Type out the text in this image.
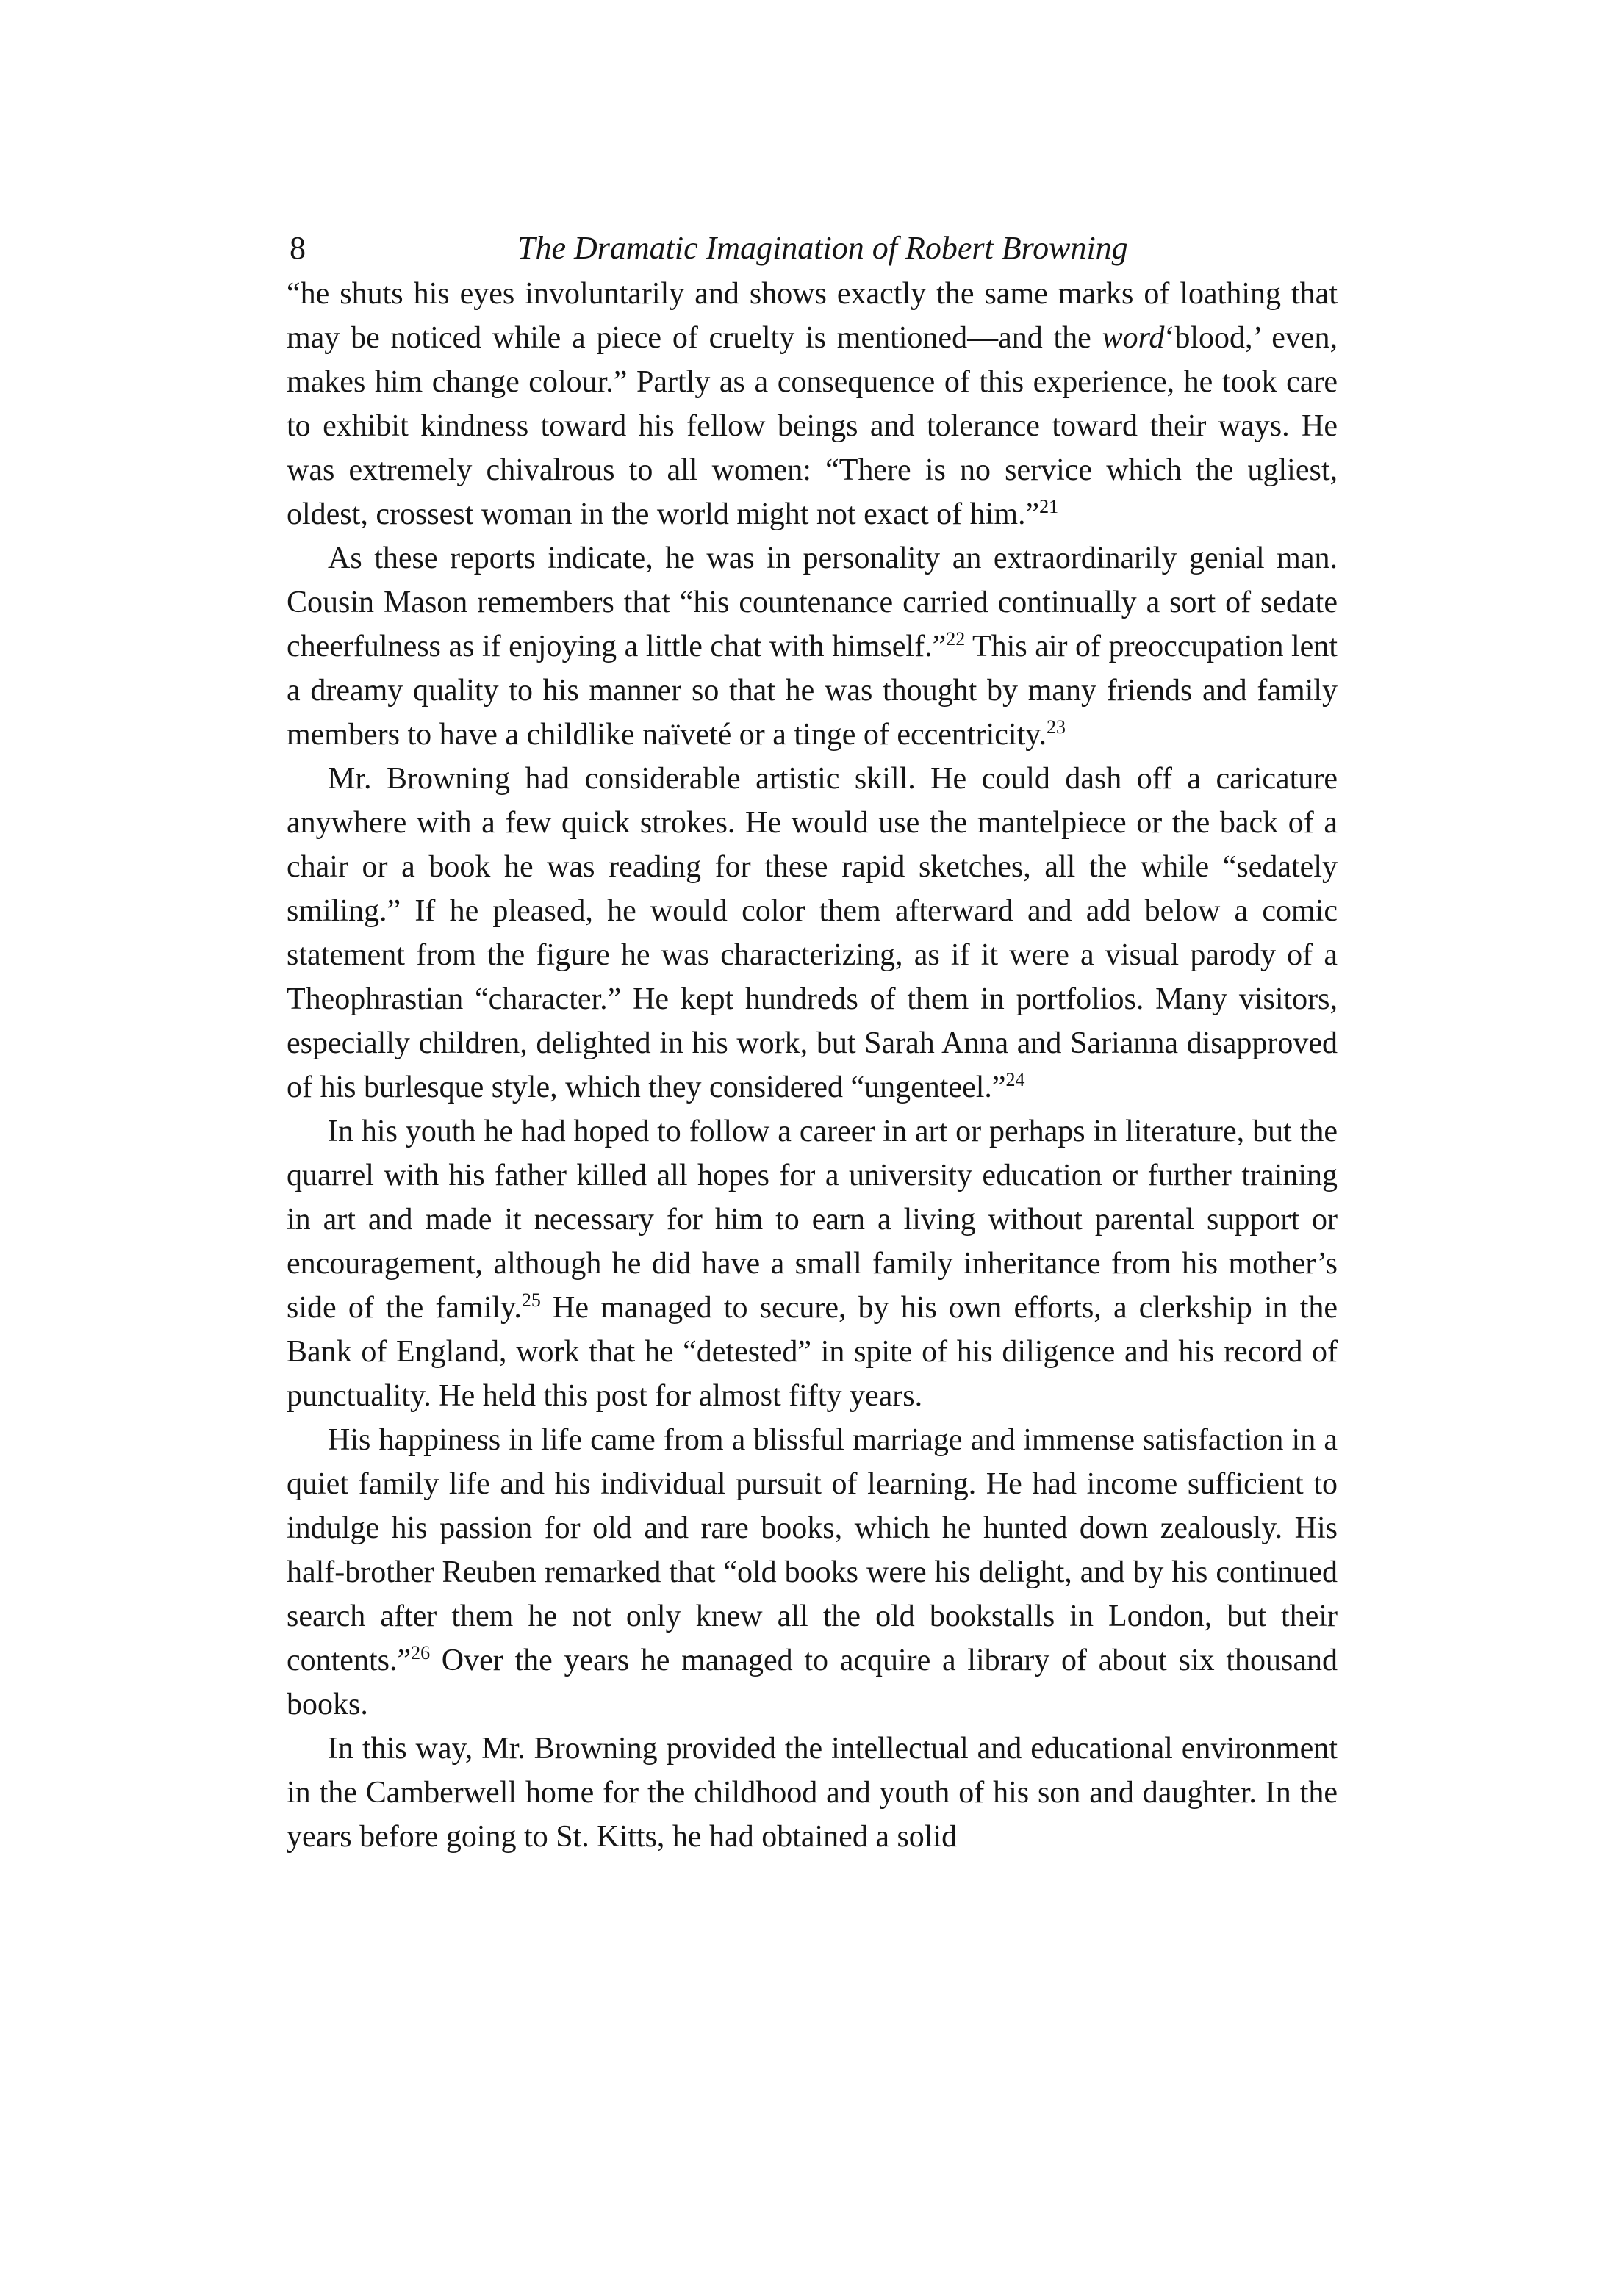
8	The Dramatic Imagination of Robert Browning

“he shuts his eyes involuntarily and shows exactly the same marks of loathing that may be noticed while a piece of cruelty is mentioned—and the word‘blood,’ even, makes him change colour.” Partly as a consequence of this experience, he took care to exhibit kindness toward his fellow beings and tolerance toward their ways. He was extremely chivalrous to all women: “There is no service which the ugliest, oldest, crossest woman in the world might not exact of him.”$^{21}$

As these reports indicate, he was in personality an extraordinarily genial man. Cousin Mason remembers that “his countenance carried continually a sort of sedate cheerfulness as if enjoying a little chat with himself.”$^{22}$ This air of preoccupation lent a dreamy quality to his manner so that he was thought by many friends and family members to have a childlike naïveté or a tinge of eccentricity.$^{23}$

Mr. Browning had considerable artistic skill. He could dash off a caricature anywhere with a few quick strokes. He would use the mantelpiece or the back of a chair or a book he was reading for these rapid sketches, all the while “sedately smiling.” If he pleased, he would color them afterward and add below a comic statement from the figure he was characterizing, as if it were a visual parody of a Theophrastian “character.” He kept hundreds of them in portfolios. Many visitors, especially children, delighted in his work, but Sarah Anna and Sarianna disapproved of his burlesque style, which they considered “ungenteel.”$^{24}$

In his youth he had hoped to follow a career in art or perhaps in literature, but the quarrel with his father killed all hopes for a university education or further training in art and made it necessary for him to earn a living without parental support or encouragement, although he did have a small family inheritance from his mother’s side of the family.$^{25}$ He managed to secure, by his own efforts, a clerkship in the Bank of England, work that he “detested” in spite of his diligence and his record of punctuality. He held this post for almost fifty years.

His happiness in life came from a blissful marriage and immense satisfaction in a quiet family life and his individual pursuit of learning. He had income sufficient to indulge his passion for old and rare books, which he hunted down zealously. His half-brother Reuben remarked that “old books were his delight, and by his continued search after them he not only knew all the old bookstalls in London, but their contents.”$^{26}$ Over the years he managed to acquire a library of about six thousand books.

In this way, Mr. Browning provided the intellectual and educational environment in the Camberwell home for the childhood and youth of his son and daughter. In the years before going to St. Kitts, he had obtained a solid
